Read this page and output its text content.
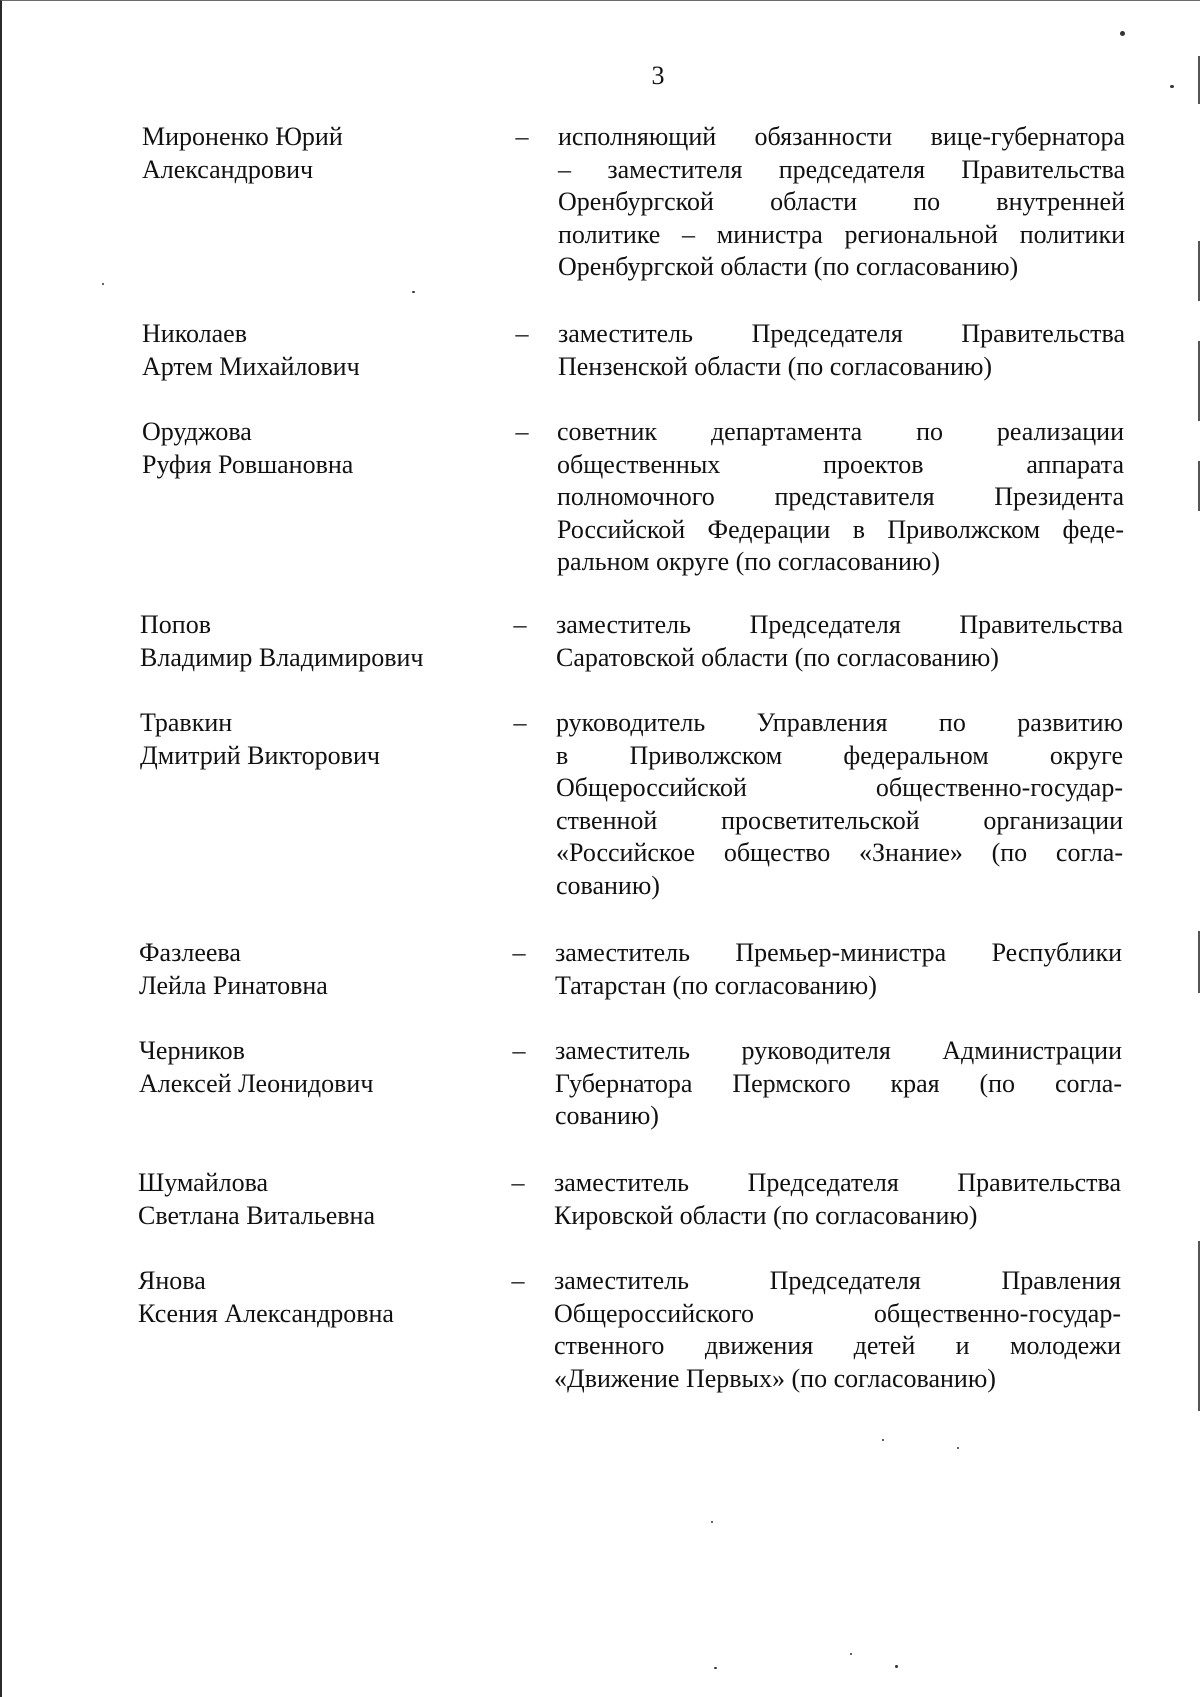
3
Мироненко Юрий
Александрович
– исполняющий обязанности вице-губернатора
– заместителя председателя Правительства
Оренбургской области по внутренней
политике – министра региональной политики
Оренбургской области (по согласованию)
Николаев
Артем Михайлович
– заместитель Председателя Правительства
Пензенской области (по согласованию)
Оруджова
Руфия Ровшановна
– советник департамента по реализации
общественных проектов аппарата
полномочного представителя Президента
Российской Федерации в Приволжском феде-
ральном округе (по согласованию)
Попов
Владимир Владимирович
– заместитель Председателя Правительства
Саратовской области (по согласованию)
Травкин
Дмитрий Викторович
– руководитель Управления по развитию
в Приволжском федеральном округе
Общероссийской общественно-государ-
ственной просветительской организации
«Российское общество «Знание» (по согла-
сованию)
Фазлеева
Лейла Ринатовна
– заместитель Премьер-министра Республики
Татарстан (по согласованию)
Черников
Алексей Леонидович
– заместитель руководителя Администрации
Губернатора Пермского края (по согла-
сованию)
Шумайлова
Светлана Витальевна
– заместитель Председателя Правительства
Кировской области (по согласованию)
Янова
Ксения Александровна
– заместитель Председателя Правления
Общероссийского общественно-государ-
ственного движения детей и молодежи
«Движение Первых» (по согласованию)
